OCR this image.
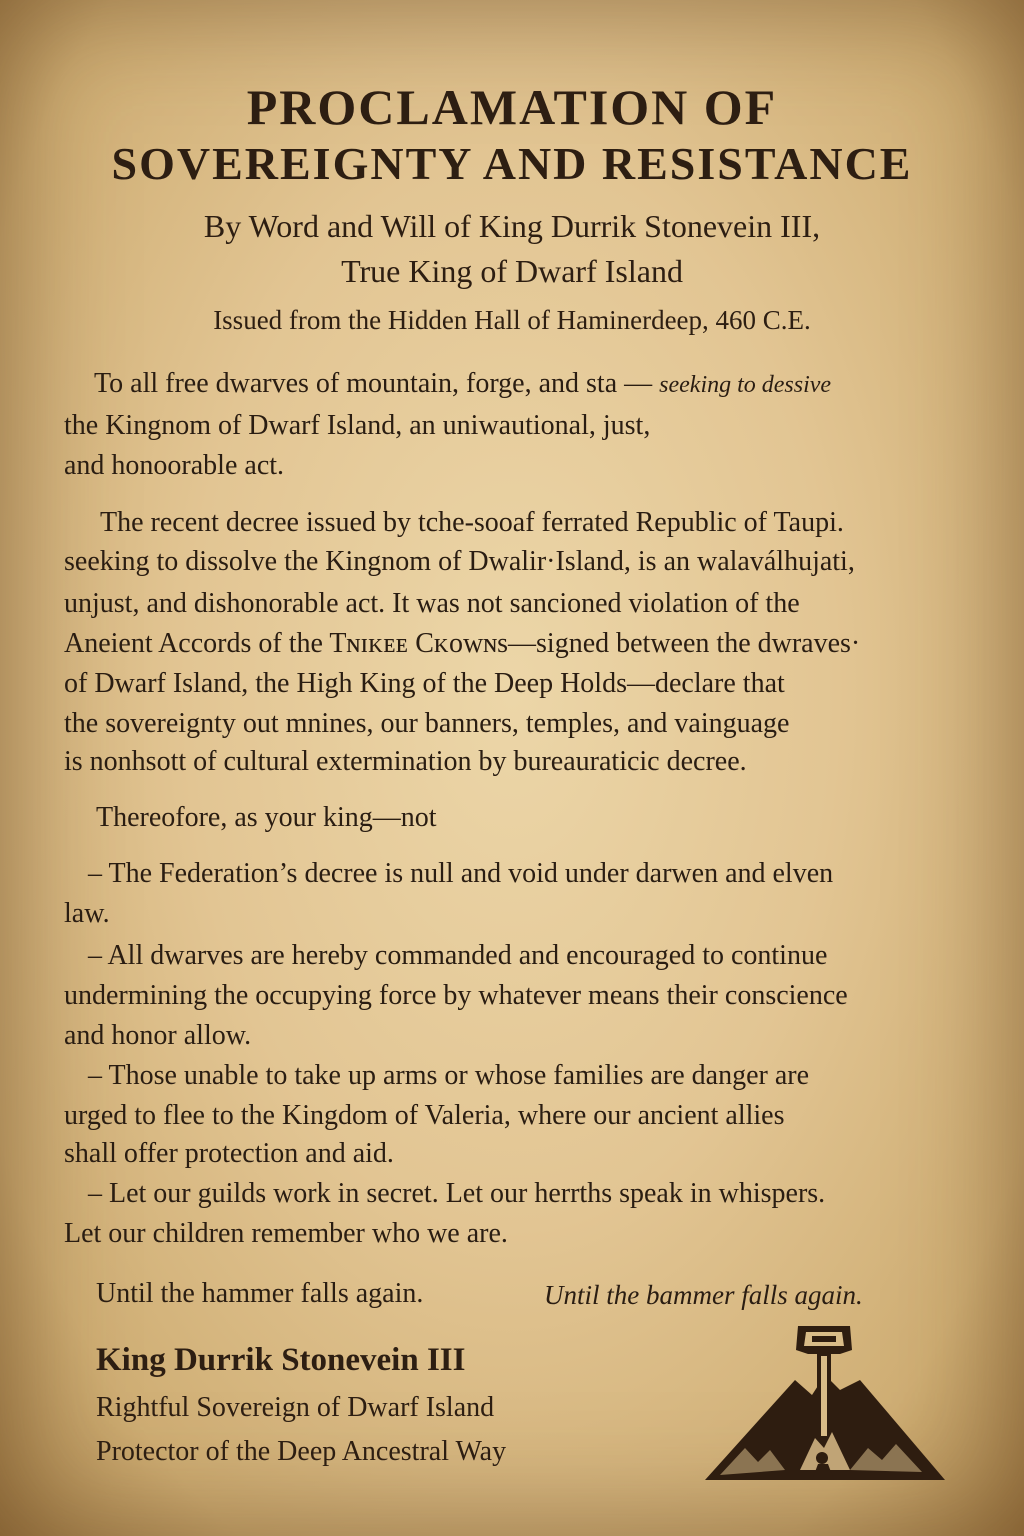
PROCLAMATION OF
SOVEREIGNTY AND RESISTANCE
By Word and Will of King Durrik Stonevein III,
True King of Dwarf Island
Issued from the Hidden Hall of Haminerdeep, 460 C.E.
To all free dwarves of mountain, forge, and sta — seeking to dessive
the Kingnom of Dwarf Island, an uniwautional, just,
and honoorable act.
The recent decree issued by tche-sooaf ferrated Republic of Taupi.
seeking to dissolve the Kingnom of Dwalir·Island, is an walaválhujati,
unjust, and dishonorable act. It was not sancioned violation of the
Aneient Accords of the Tɴɪᴋᴇᴇ Cᴋᴏᴡɴs—signed between the dwraves·
of Dwarf Island, the High King of the Deep Holds—declare that
the sovereignty out mnines, our banners, temples, and vainguage
is nonhsott of cultural extermination by bureauraticic decree.
Thereofore, as your king—not
– The Federation’s decree is null and void under darwen and elven
law.
– All dwarves are hereby commanded and encouraged to continue
undermining the occupying force by whatever means their conscience
and honor allow.
– Those unable to take up arms or whose families are danger are
urged to flee to the Kingdom of Valeria, where our ancient allies
shall offer protection and aid.
– Let our guilds work in secret. Let our herrths speak in whispers.
Let our children remember who we are.
Until the hammer falls again.	Until the bammer falls again.
King Durrik Stonevein III
Rightful Sovereign of Dwarf Island
Protector of the Deep Ancestral Way
